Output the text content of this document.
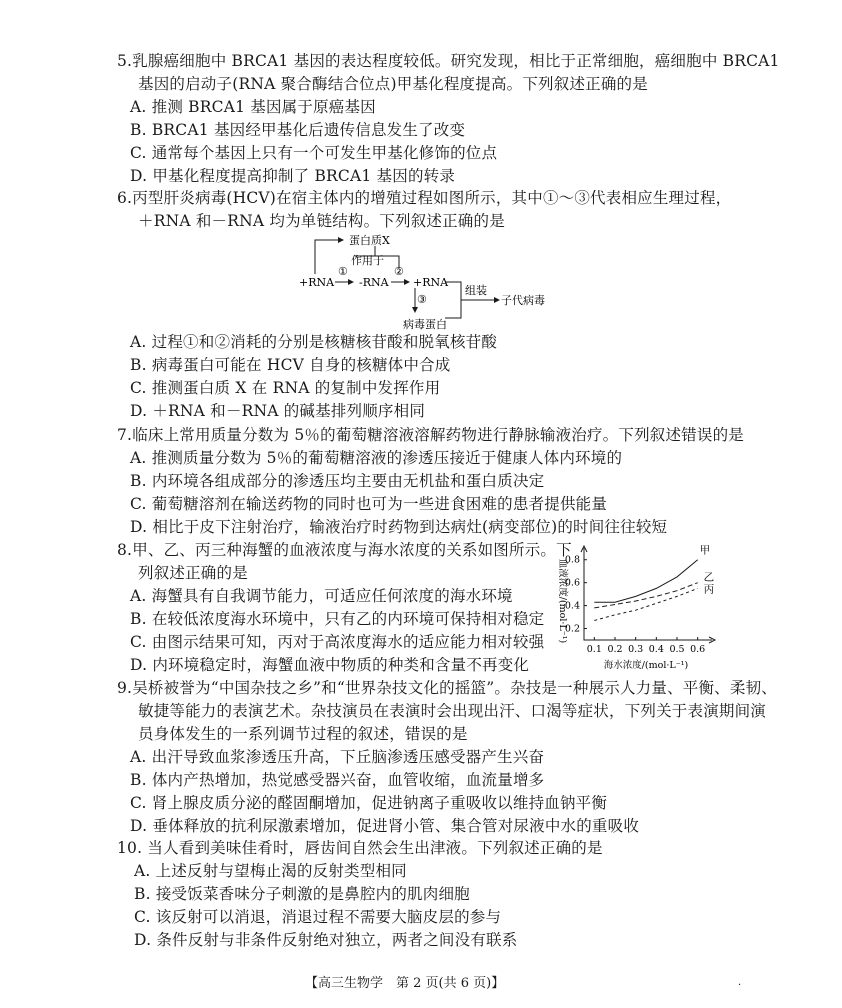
5.乳腺癌细胞中 BRCA1 基因的表达程度较低。研究发现，相比于正常细胞，癌细胞中 BRCA1
基因的启动子(RNA 聚合酶结合位点)甲基化程度提高。下列叙述正确的是
A. 推测 BRCA1 基因属于原癌基因
B. BRCA1 基因经甲基化后遗传信息发生了改变
C. 通常每个基因上只有一个可发生甲基化修饰的位点
D. 甲基化程度提高抑制了 BRCA1 基因的转录
6.丙型肝炎病毒(HCV)在宿主体内的增殖过程如图所示，其中①～③代表相应生理过程，
＋RNA 和－RNA 均为单链结构。下列叙述正确的是
蛋白质X
作用于
+RNA
①
-RNA
②
+RNA
③
组装
病毒蛋白
子代病毒
A. 过程①和②消耗的分别是核糖核苷酸和脱氧核苷酸
B. 病毒蛋白可能在 HCV 自身的核糖体中合成
C. 推测蛋白质 X 在 RNA 的复制中发挥作用
D. ＋RNA 和－RNA 的碱基排列顺序相同
7.临床上常用质量分数为 5％的葡萄糖溶液溶解药物进行静脉输液治疗。下列叙述错误的是
A. 推测质量分数为 5％的葡萄糖溶液的渗透压接近于健康人体内环境的
B. 内环境各组成部分的渗透压均主要由无机盐和蛋白质决定
C. 葡萄糖溶剂在输送药物的同时也可为一些进食困难的患者提供能量
D. 相比于皮下注射治疗，输液治疗时药物到达病灶(病变部位)的时间往往较短
8.甲、乙、丙三种海蟹的血液浓度与海水浓度的关系如图所示。下
列叙述正确的是
A. 海蟹具有自我调节能力，可适应任何浓度的海水环境
B. 在较低浓度海水环境中，只有乙的内环境可保持相对稳定
C. 由图示结果可知，丙对于高浓度海水的适应能力相对较强
D. 内环境稳定时，海蟹血液中物质的种类和含量不再变化
0.1 0.2 0.3 0.4 0.5 0.6
0.2
0.4
0.6
0.8
甲
乙
丙
海水浓度/(mol·L⁻¹)
血液浓度/(mol·L⁻¹)
9.吴桥被誉为“中国杂技之乡”和“世界杂技文化的摇篮”。杂技是一种展示人力量、平衡、柔韧、
敏捷等能力的表演艺术。杂技演员在表演时会出现出汗、口渴等症状，下列关于表演期间演
员身体发生的一系列调节过程的叙述，错误的是
A. 出汗导致血浆渗透压升高，下丘脑渗透压感受器产生兴奋
B. 体内产热增加，热觉感受器兴奋，血管收缩，血流量增多
C. 肾上腺皮质分泌的醛固酮增加，促进钠离子重吸收以维持血钠平衡
D. 垂体释放的抗利尿激素增加，促进肾小管、集合管对尿液中水的重吸收
10. 当人看到美味佳肴时，唇齿间自然会生出津液。下列叙述正确的是
A. 上述反射与望梅止渴的反射类型相同
B. 接受饭菜香味分子刺激的是鼻腔内的肌肉细胞
C. 该反射可以消退，消退过程不需要大脑皮层的参与
D. 条件反射与非条件反射绝对独立，两者之间没有联系
【高三生物学　第 2 页(共 6 页)】	·
